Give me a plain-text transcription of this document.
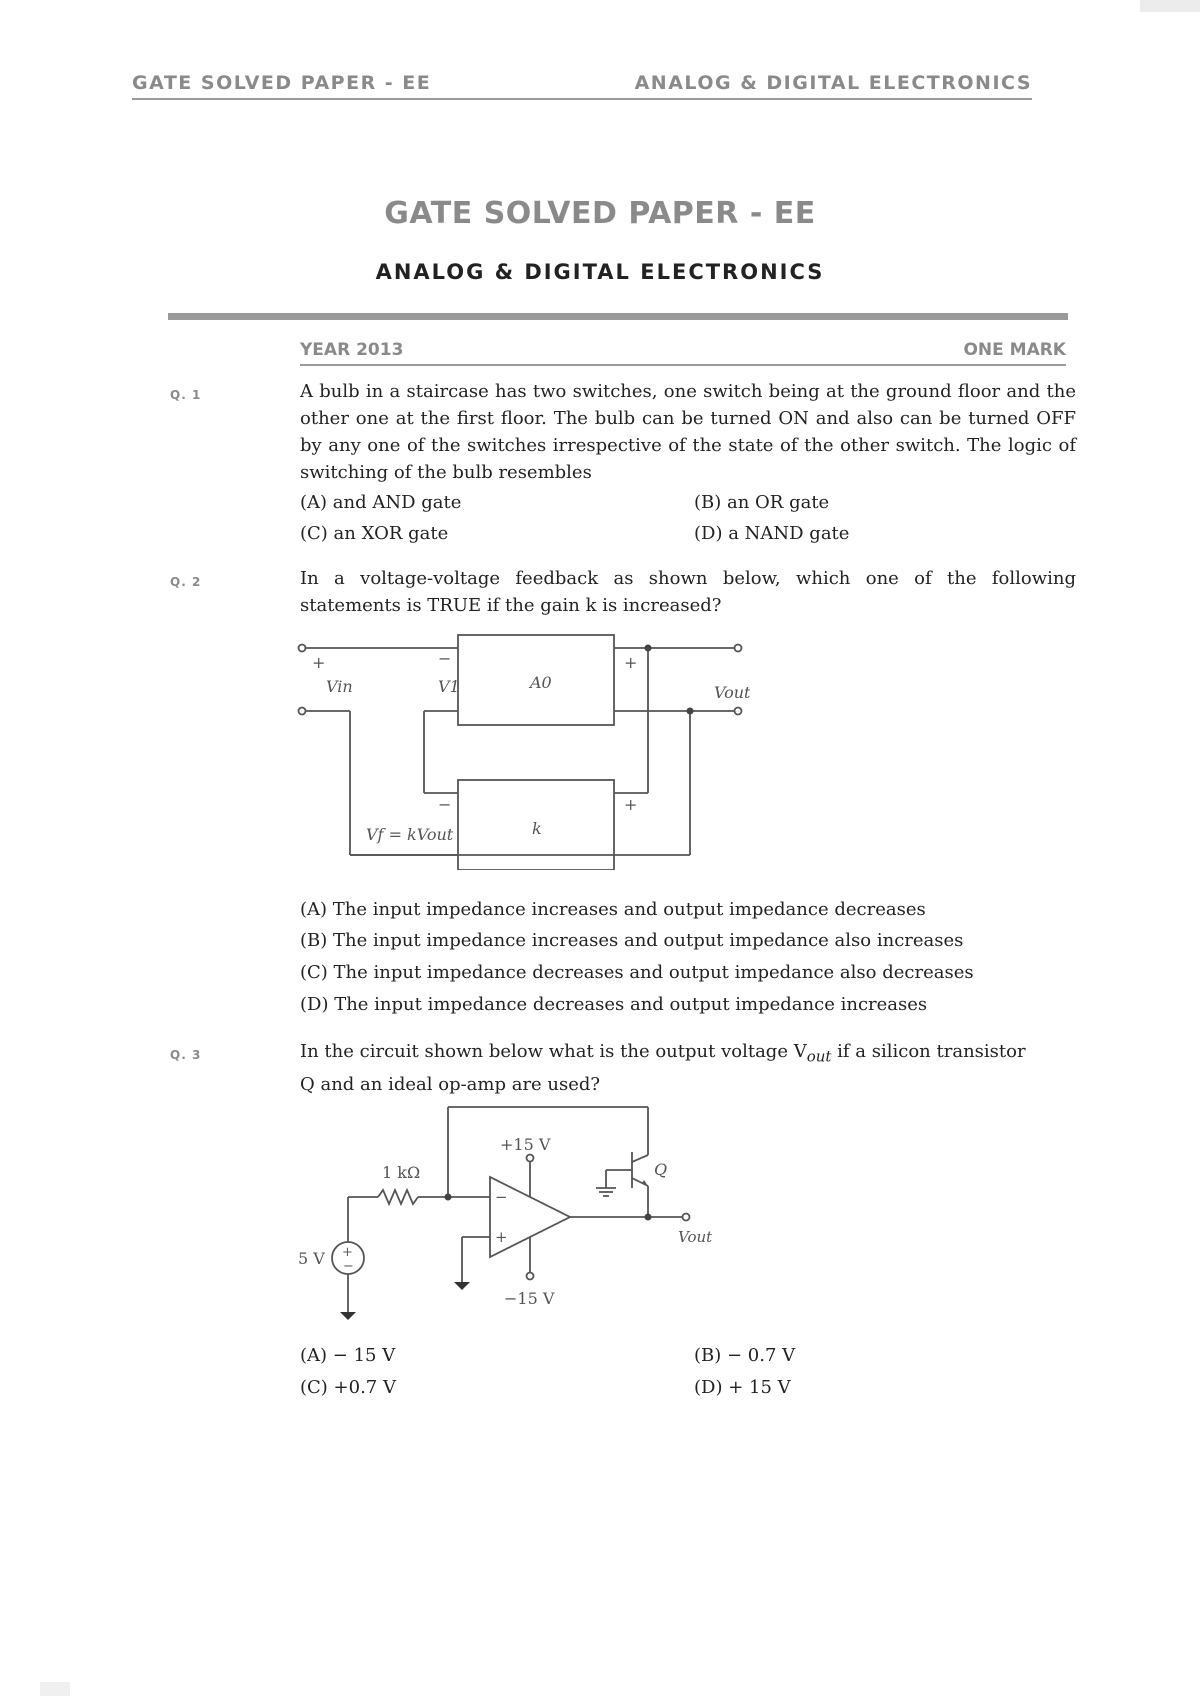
GATE SOLVED PAPER - EE	ANALOG & DIGITAL ELECTRONICS
GATE SOLVED PAPER - EE
ANALOG & DIGITAL ELECTRONICS
YEAR 2013	ONE MARK
Q. 1	A bulb in a staircase has two switches, one switch being at the ground floor and the other one at the first floor. The bulb can be turned ON and also can be turned OFF by any one of the switches irrespective of the state of the other switch. The logic of switching of the bulb resembles
(A) and AND gate	(B) an OR gate
(C) an XOR gate	(D) a NAND gate
Q. 2	In a voltage-voltage feedback as shown below, which one of the following statements is TRUE if the gain k is increased?
+
Vin
−
V1	A0
+
Vout
−	+
Vf = kVout	k
(A) The input impedance increases and output impedance decreases
(B) The input impedance increases and output impedance also increases
(C) The input impedance decreases and output impedance also decreases
(D) The input impedance decreases and output impedance increases
Q. 3	In the circuit shown below what is the output voltage $V_{out}$ if a silicon transistor
Q and an ideal op-amp are used?
1 kΩ
+15 V
−15 V
5 V +
−
−
+
Q
Vout
(A) − 15 V	(B) − 0.7 V
(C) +0.7 V	(D) + 15 V
